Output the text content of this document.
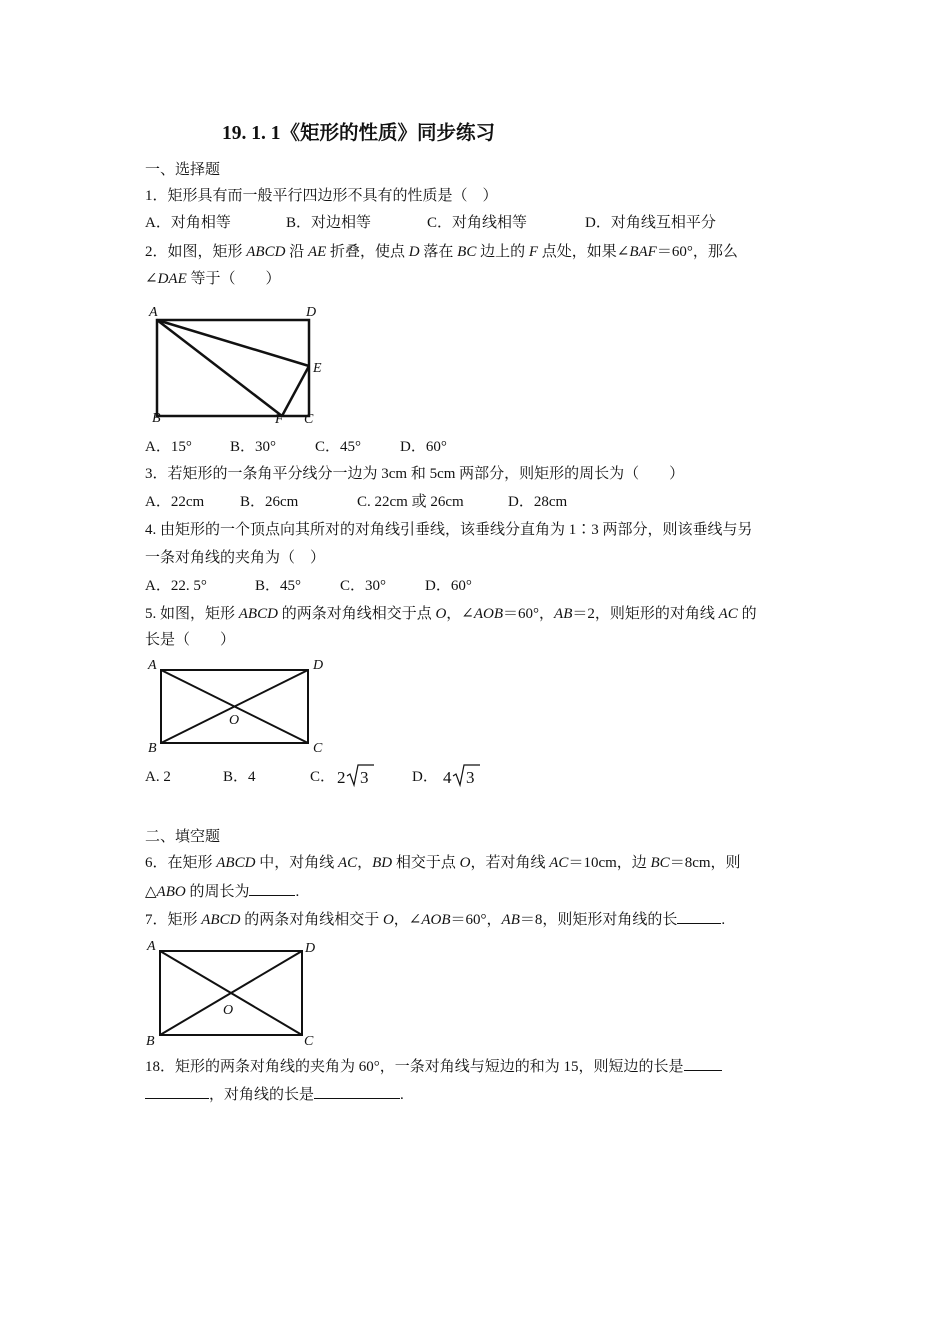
19. 1. 1《矩形的性质》同步练习
一、选择题
1．矩形具有而一般平行四边形不具有的性质是（　）
A．对角相等	B．对边相等	C．对角线相等	D．对角线互相平分
2．如图，矩形 ABCD 沿 AE 折叠，使点 D 落在 BC 边上的 F 点处，如果∠BAF＝60°，那么
∠DAE 等于（　　）
A	D
E
B	F C
A．15°	B．30°	C．45°	D．60°
3．若矩形的一条角平分线分一边为 3cm 和 5cm 两部分，则矩形的周长为（　　）
A．22cm B．26cm	C. 22cm 或 26cm	D．28cm
4. 由矩形的一个顶点向其所对的对角线引垂线，该垂线分直角为 1∶3 两部分，则该垂线与另
一条对角线的夹角为（　）
A．22. 5°	B．45°	C．30°	D．60°
5. 如图，矩形 ABCD 的两条对角线相交于点 O，∠AOB＝60°，AB＝2，则矩形的对角线 AC 的
长是（　　）
A	D
O
B	C
A. 2	B．4	C． 2 3	D． 4 3
二、填空题
6．在矩形 ABCD 中，对角线 AC，BD 相交于点 O，若对角线 AC＝10cm，边 BC＝8cm，则
△ABO 的周长为	.
7．矩形 ABCD 的两条对角线相交于 O，∠AOB＝60°，AB＝8，则矩形对角线的长	.
A	D
O
B	C
18．矩形的两条对角线的夹角为 60°，一条对角线与短边的和为 15，则短边的长是
，对角线的长是	.
